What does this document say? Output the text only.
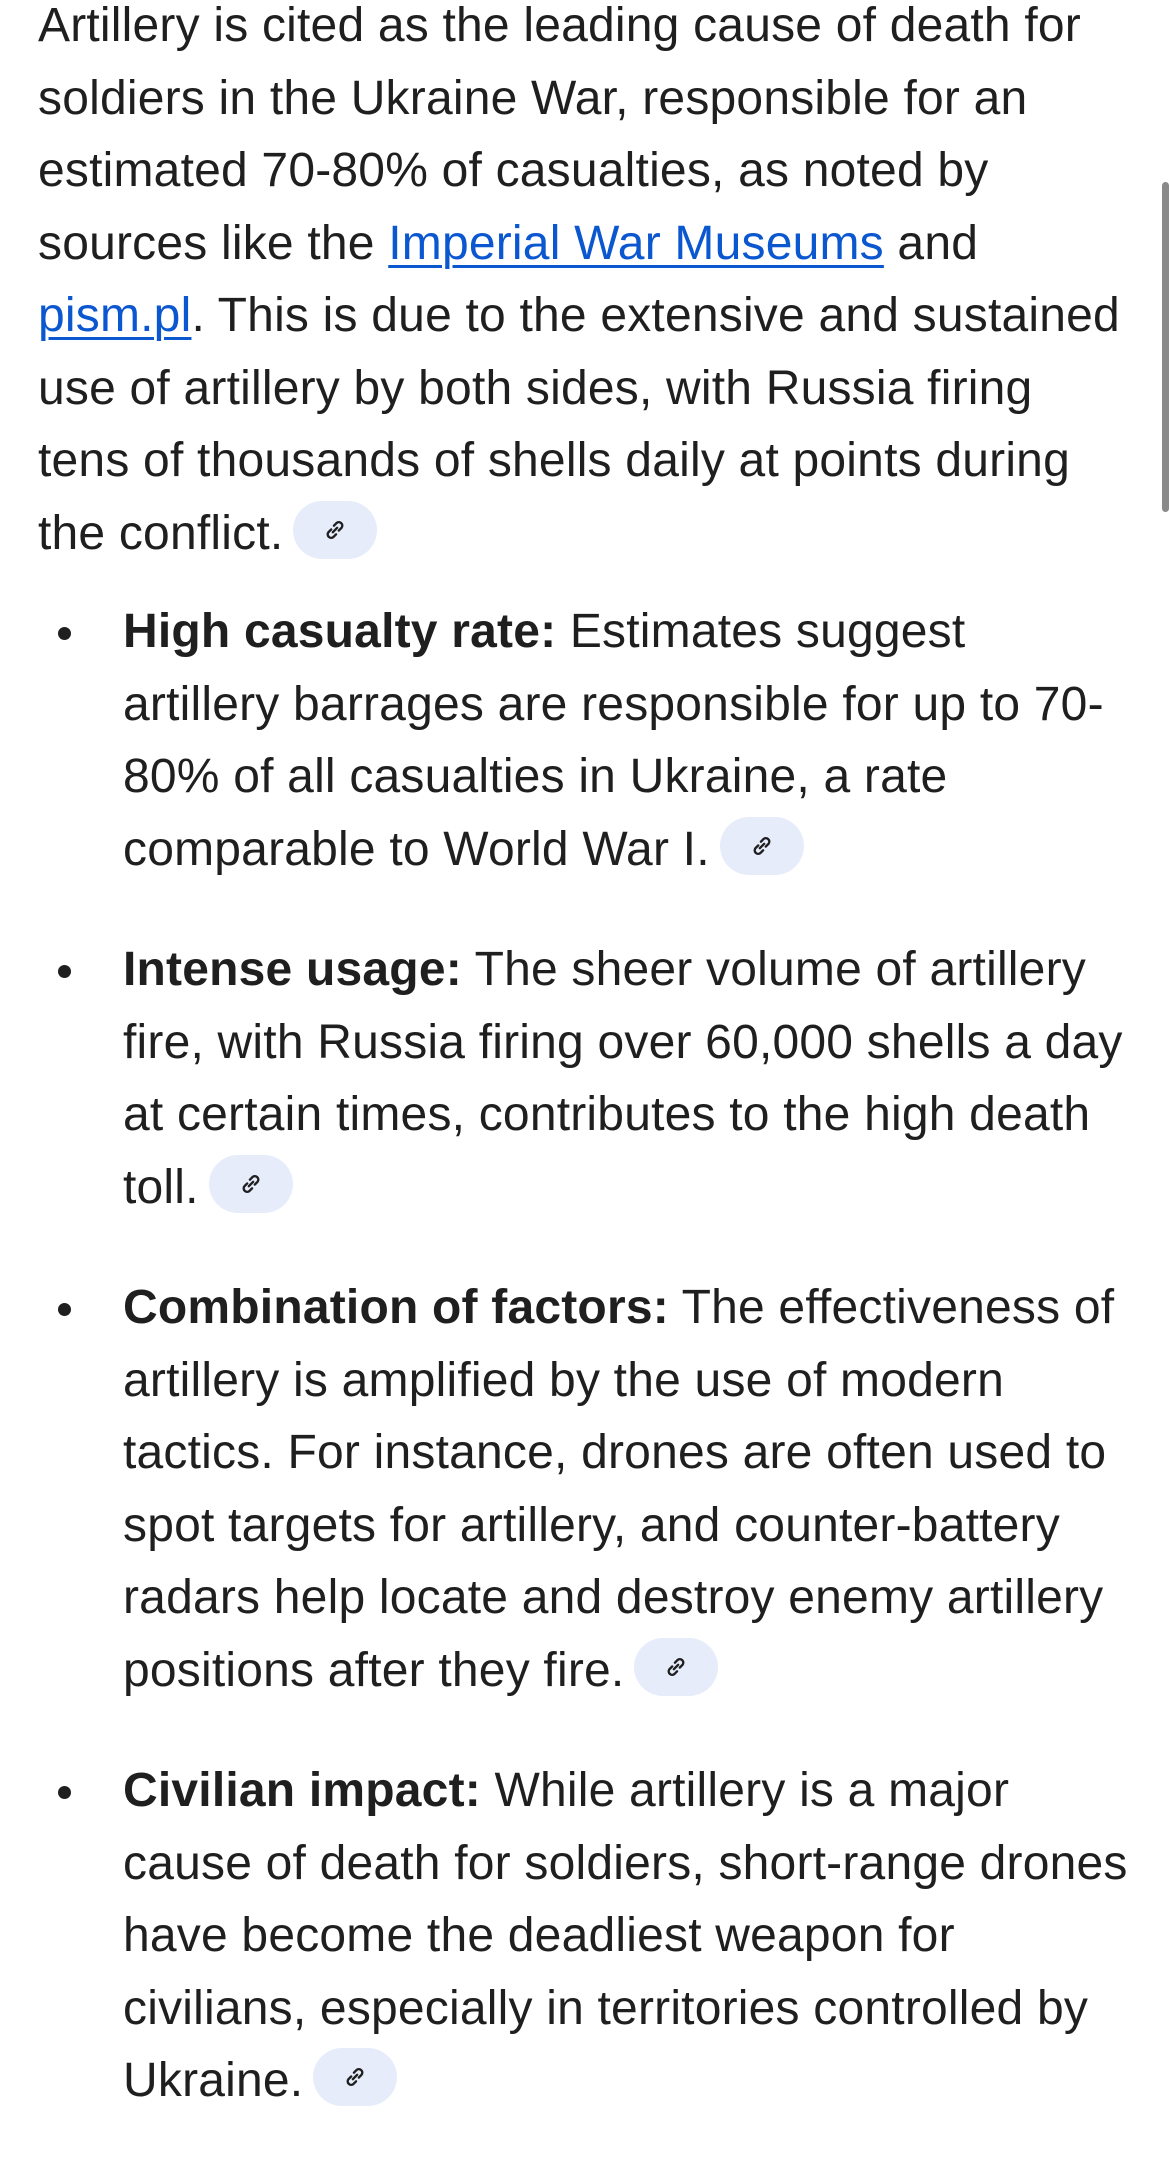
Artillery is cited as the leading cause of death for soldiers in the Ukraine War, responsible for an estimated 70-80% of casualties, as noted by sources like the Imperial War Museums and pism.pl. This is due to the extensive and sustained use of artillery by both sides, with Russia firing tens of thousands of shells daily at points during the conflict.

High casualty rate: Estimates suggest artillery barrages are responsible for up to 70-80% of all casualties in Ukraine, a rate comparable to World War I.
Intense usage: The sheer volume of artillery fire, with Russia firing over 60,000 shells a day at certain times, contributes to the high death toll.
Combination of factors: The effectiveness of artillery is amplified by the use of modern tactics. For instance, drones are often used to spot targets for artillery, and counter-battery radars help locate and destroy enemy artillery positions after they fire.
Civilian impact: While artillery is a major cause of death for soldiers, short-range drones have become the deadliest weapon for civilians, especially in territories controlled by Ukraine.
